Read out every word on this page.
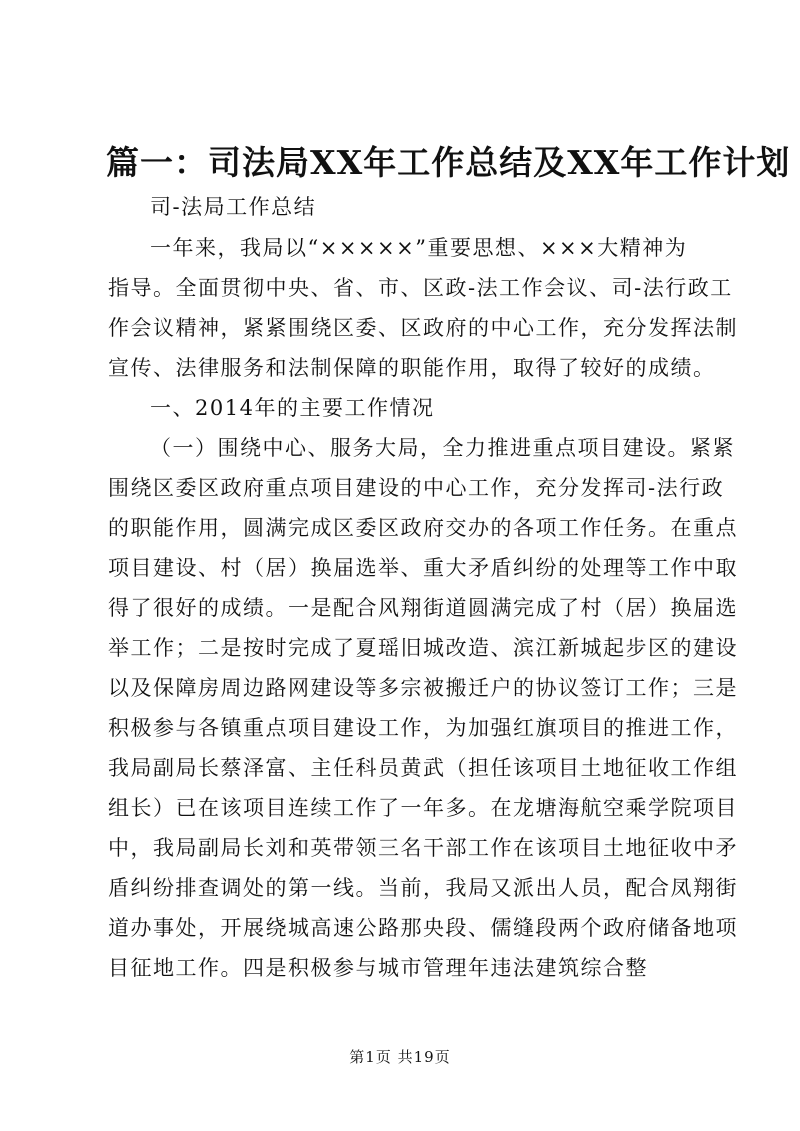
篇一：司法局XX年工作总结及XX年工作计划
司-法局工作总结
一年来，我局以“×××××”重要思想、×××大精神为
指导。全面贯彻中央、省、市、区政-法工作会议、司-法行政工
作会议精神，紧紧围绕区委、区政府的中心工作，充分发挥法制
宣传、法律服务和法制保障的职能作用，取得了较好的成绩。
一、2014年的主要工作情况
（一）围绕中心、服务大局，全力推进重点项目建设。紧紧
围绕区委区政府重点项目建设的中心工作，充分发挥司-法行政
的职能作用，圆满完成区委区政府交办的各项工作任务。在重点
项目建设、村（居）换届选举、重大矛盾纠纷的处理等工作中取
得了很好的成绩。一是配合风翔街道圆满完成了村（居）换届选
举工作；二是按时完成了夏瑶旧城改造、滨江新城起步区的建设
以及保障房周边路网建设等多宗被搬迁户的协议签订工作；三是
积极参与各镇重点项目建设工作，为加强红旗项目的推进工作，
我局副局长蔡泽富、主任科员黄武（担任该项目土地征收工作组
组长）已在该项目连续工作了一年多。在龙塘海航空乘学院项目
中，我局副局长刘和英带领三名干部工作在该项目土地征收中矛
盾纠纷排查调处的第一线。当前，我局又派出人员，配合凤翔街
道办事处，开展绕城高速公路那央段、儒缝段两个政府储备地项
目征地工作。四是积极参与城市管理年违法建筑综合整
第1页 共19页
